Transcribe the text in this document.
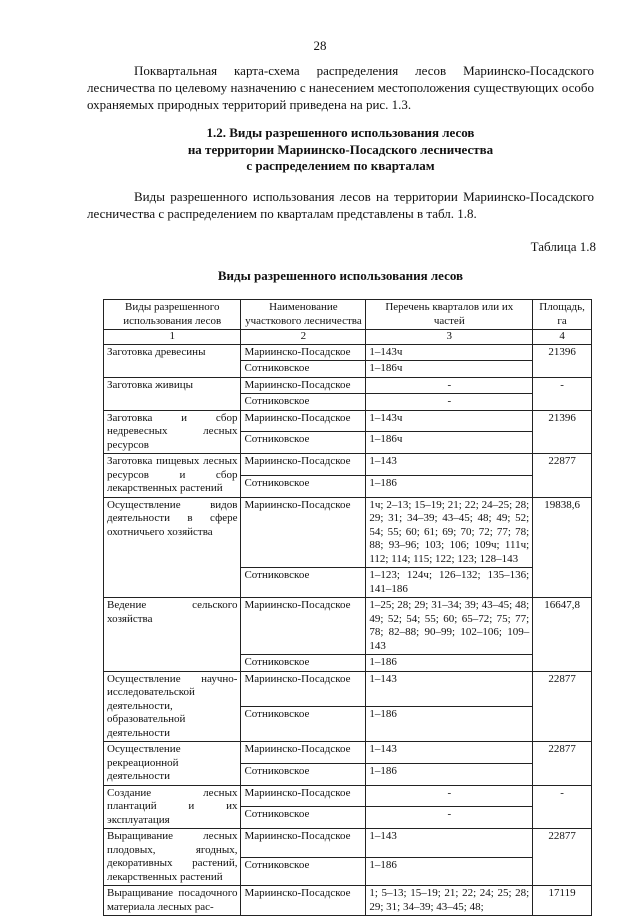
28

Поквартальная карта-схема распределения лесов Мариинско-Посадского лесничества по целевому назначению с нанесением местоположения существующих особо охраняемых природных территорий приведена на рис. 1.3.

1.2. Виды разрешенного использования лесов
на территории Мариинско-Посадского лесничества
с распределением по кварталам

Виды разрешенного использования лесов на территории Мариинско-Посадского лесничества с распределением по кварталам представлены в табл. 1.8.

Таблица 1.8
Виды разрешенного использования лесов
Виды разрешенного использования лесов	Наименование участкового лесничества	Перечень кварталов или их частей	Площадь, га
1	2	3	4
Заготовка древесины	Мариинско-Посадское	1–143ч	21396
	Сотниковское	1–186ч	
Заготовка живицы	Мариинско-Посадское	-	-
	Сотниковское	-	
Заготовка и сбор недревесных лесных ресурсов	Мариинско-Посадское	1–143ч	21396
	Сотниковское	1–186ч	
Заготовка пищевых лесных ресурсов и сбор лекарственных растений	Мариинско-Посадское	1–143	22877
	Сотниковское	1–186	
Осуществление видов деятельности в сфере охотничьего хозяйства	Мариинско-Посадское	1ч; 2–13; 15–19; 21; 22; 24–25; 28; 29; 31; 34–39; 43–45; 48; 49; 52; 54; 55; 60; 61; 69; 70; 72; 77; 78; 88; 93–96; 103; 106; 109ч; 111ч; 112; 114; 115; 122; 123; 128–143	19838,6
	Сотниковское	1–123; 124ч; 126–132; 135–136; 141–186	
Ведение сельского хозяйства	Мариинско-Посадское	1–25; 28; 29; 31–34; 39; 43–45; 48; 49; 52; 54; 55; 60; 65–72; 75; 77; 78; 82–88; 90–99; 102–106; 109–143	16647,8
	Сотниковское	1–186	
Осуществление научно-исследовательской деятельности, образовательной деятельности	Мариинско-Посадское	1–143	22877
	Сотниковское	1–186	
Осуществление рекреационной деятельности	Мариинско-Посадское	1–143	22877
	Сотниковское	1–186	
Создание лесных плантаций и их эксплуатация	Мариинско-Посадское	-	-
	Сотниковское	-	
Выращивание лесных плодовых, ягодных, декоративных растений, лекарственных растений	Мариинско-Посадское	1–143	22877
	Сотниковское	1–186	
Выращивание посадочного материала лесных рас-	Мариинско-Посадское	1; 5–13; 15–19; 21; 22; 24; 25; 28; 29; 31; 34–39; 43–45; 48;	17119
